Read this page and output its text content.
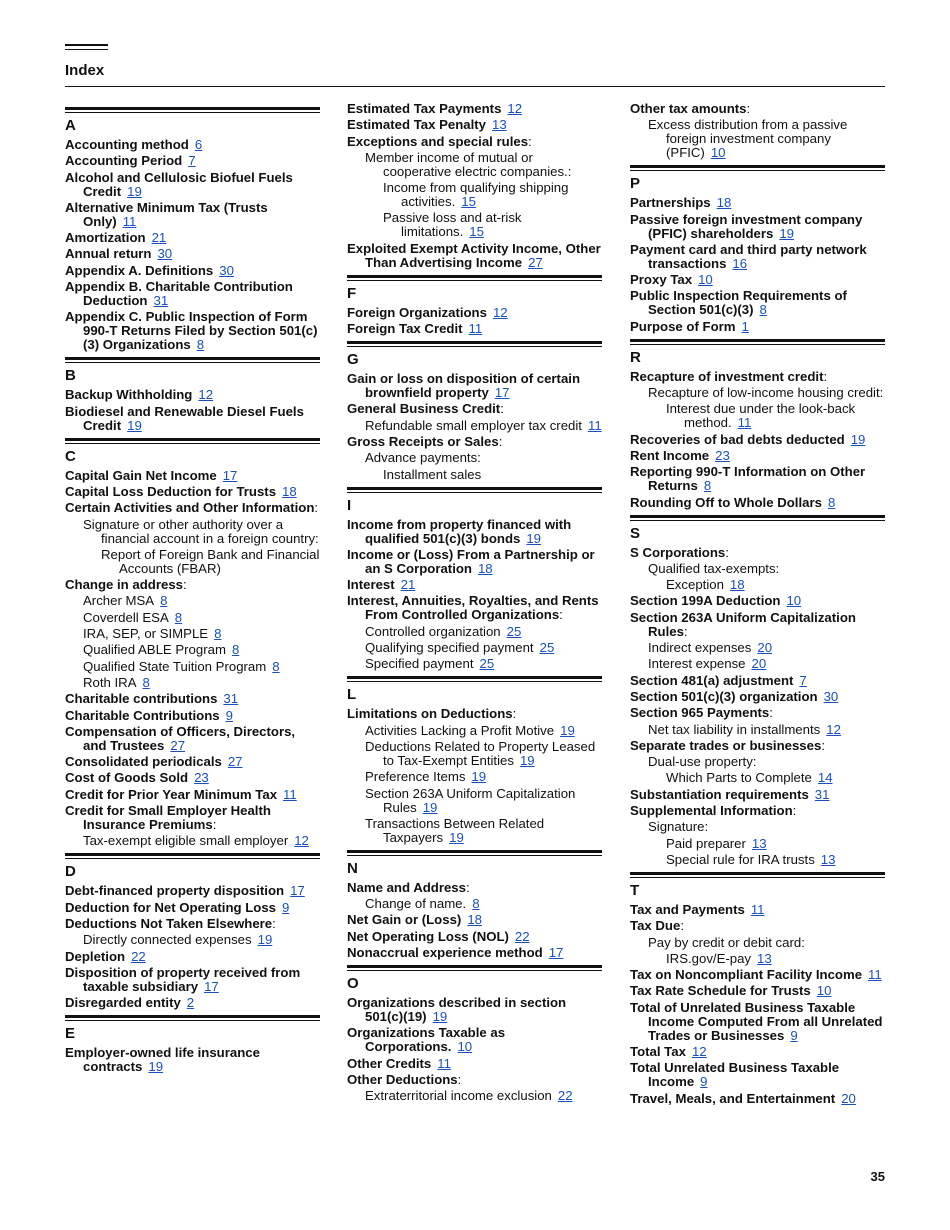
Index
A
Accounting method 6
Accounting Period 7
Alcohol and Cellulosic Biofuel Fuels Credit 19
Alternative Minimum Tax (Trusts Only) 11
Amortization 21
Annual return 30
Appendix A. Definitions 30
Appendix B. Charitable Contribution Deduction 31
Appendix C. Public Inspection of Form 990-T Returns Filed by Section 501(c)(3) Organizations 8
B
Backup Withholding 12
Biodiesel and Renewable Diesel Fuels Credit 19
C
Capital Gain Net Income 17
Capital Loss Deduction for Trusts 18
Certain Activities and Other Information:
Signature or other authority over a financial account in a foreign country:
Report of Foreign Bank and Financial Accounts (FBAR)
Change in address:
Archer MSA 8
Coverdell ESA 8
IRA, SEP, or SIMPLE 8
Qualified ABLE Program 8
Qualified State Tuition Program 8
Roth IRA 8
Charitable contributions 31
Charitable Contributions 9
Compensation of Officers, Directors, and Trustees 27
Consolidated periodicals 27
Cost of Goods Sold 23
Credit for Prior Year Minimum Tax 11
Credit for Small Employer Health Insurance Premiums:
Tax-exempt eligible small employer 12
D
Debt-financed property disposition 17
Deduction for Net Operating Loss 9
Deductions Not Taken Elsewhere:
Directly connected expenses 19
Depletion 22
Disposition of property received from taxable subsidiary 17
Disregarded entity 2
E
Employer-owned life insurance contracts 19
Estimated Tax Payments 12
Estimated Tax Penalty 13
Exceptions and special rules:
Member income of mutual or cooperative electric companies.:
Income from qualifying shipping activities. 15
Passive loss and at-risk limitations. 15
Exploited Exempt Activity Income, Other Than Advertising Income 27
F
Foreign Organizations 12
Foreign Tax Credit 11
G
Gain or loss on disposition of certain brownfield property 17
General Business Credit:
Refundable small employer tax credit 11
Gross Receipts or Sales:
Advance payments:
Installment sales
I
Income from property financed with qualified 501(c)(3) bonds 19
Income or (Loss) From a Partnership or an S Corporation 18
Interest 21
Interest, Annuities, Royalties, and Rents From Controlled Organizations:
Controlled organization 25
Qualifying specified payment 25
Specified payment 25
L
Limitations on Deductions:
Activities Lacking a Profit Motive 19
Deductions Related to Property Leased to Tax-Exempt Entities 19
Preference Items 19
Section 263A Uniform Capitalization Rules 19
Transactions Between Related Taxpayers 19
N
Name and Address:
Change of name. 8
Net Gain or (Loss) 18
Net Operating Loss (NOL) 22
Nonaccrual experience method 17
O
Organizations described in section 501(c)(19) 19
Organizations Taxable as Corporations. 10
Other Credits 11
Other Deductions:
Extraterritorial income exclusion 22
Other tax amounts:
Excess distribution from a passive foreign investment company (PFIC) 10
P
Partnerships 18
Passive foreign investment company (PFIC) shareholders 19
Payment card and third party network transactions 16
Proxy Tax 10
Public Inspection Requirements of Section 501(c)(3) 8
Purpose of Form 1
R
Recapture of investment credit:
Recapture of low-income housing credit:
Interest due under the look-back method. 11
Recoveries of bad debts deducted 19
Rent Income 23
Reporting 990-T Information on Other Returns 8
Rounding Off to Whole Dollars 8
S
S Corporations:
Qualified tax-exempts:
Exception 18
Section 199A Deduction 10
Section 263A Uniform Capitalization Rules:
Indirect expenses 20
Interest expense 20
Section 481(a) adjustment 7
Section 501(c)(3) organization 30
Section 965 Payments:
Net tax liability in installments 12
Separate trades or businesses:
Dual-use property:
Which Parts to Complete 14
Substantiation requirements 31
Supplemental Information:
Signature:
Paid preparer 13
Special rule for IRA trusts 13
T
Tax and Payments 11
Tax Due:
Pay by credit or debit card:
IRS.gov/E-pay 13
Tax on Noncompliant Facility Income 11
Tax Rate Schedule for Trusts 10
Total of Unrelated Business Taxable Income Computed From all Unrelated Trades or Businesses 9
Total Tax 12
Total Unrelated Business Taxable Income 9
Travel, Meals, and Entertainment 20
35
